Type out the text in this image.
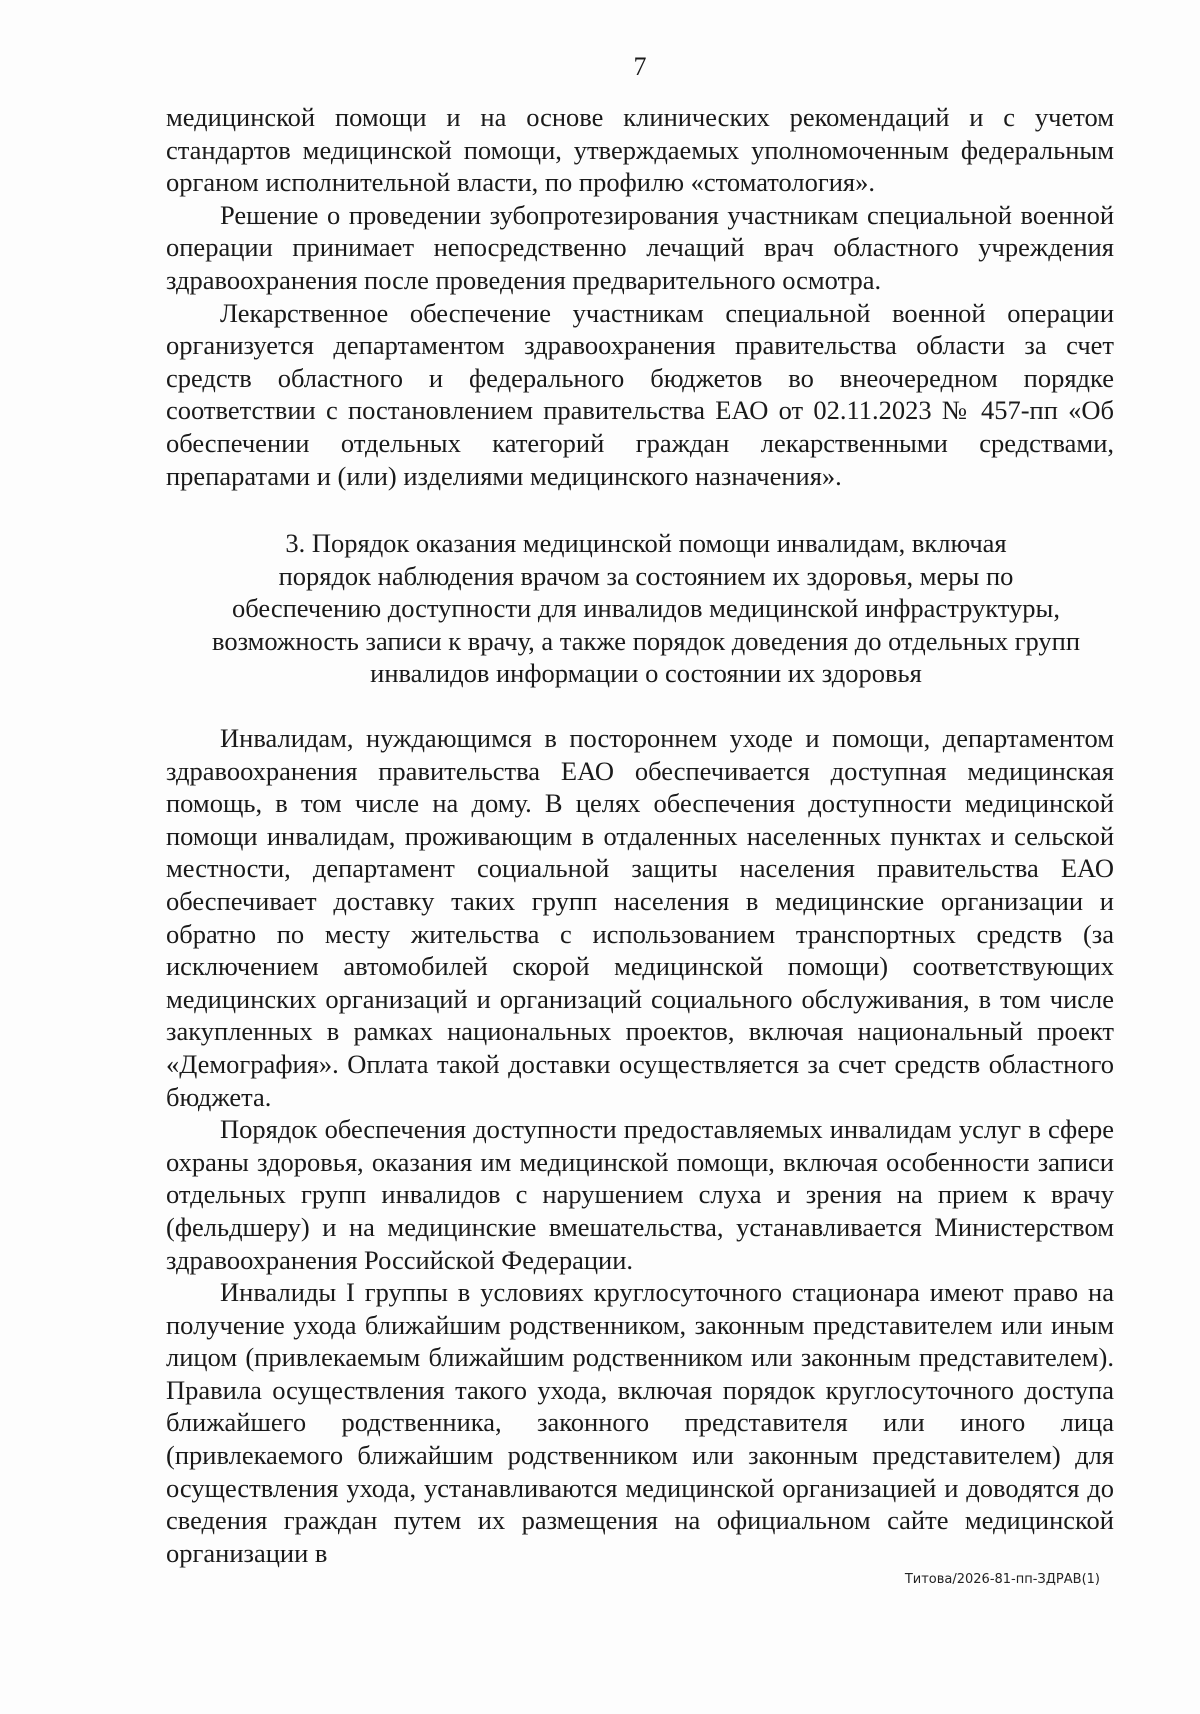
7

медицинской помощи и на основе клинических рекомендаций и с учетом стандартов медицинской помощи, утверждаемых уполномоченным федеральным органом исполнительной власти, по профилю «стоматология».

Решение о проведении зубопротезирования участникам специальной военной операции принимает непосредственно лечащий врач областного учреждения здравоохранения после проведения предварительного осмотра.

Лекарственное обеспечение участникам специальной военной операции организуется департаментом здравоохранения правительства области за счет средств областного и федерального бюджетов во внеочередном порядке соответствии с постановлением правительства ЕАО от 02.11.2023 № 457-пп «Об обеспечении отдельных категорий граждан лекарственными средствами, препаратами и (или) изделиями медицинского назначения».

3. Порядок оказания медицинской помощи инвалидам, включая

порядок наблюдения врачом за состоянием их здоровья, меры по

обеспечению доступности для инвалидов медицинской инфраструктуры,

возможность записи к врачу, а также порядок доведения до отдельных групп

инвалидов информации о состоянии их здоровья

Инвалидам, нуждающимся в постороннем уходе и помощи, департаментом здравоохранения правительства ЕАО обеспечивается доступная медицинская помощь, в том числе на дому. В целях обеспечения доступности медицинской помощи инвалидам, проживающим в отдаленных населенных пунктах и сельской местности, департамент социальной защиты населения правительства ЕАО обеспечивает доставку таких групп населения в медицинские организации и обратно по месту жительства с использованием транспортных средств (за исключением автомобилей скорой медицинской помощи) соответствующих медицинских организаций и организаций социального обслуживания, в том числе закупленных в рамках национальных проектов, включая национальный проект «Демография». Оплата такой доставки осуществляется за счет средств областного бюджета.

Порядок обеспечения доступности предоставляемых инвалидам услуг в сфере охраны здоровья, оказания им медицинской помощи, включая особенности записи отдельных групп инвалидов с нарушением слуха и зрения на прием к врачу (фельдшеру) и на медицинские вмешательства, устанавливается Министерством здравоохранения Российской Федерации.

Инвалиды I группы в условиях круглосуточного стационара имеют право на получение ухода ближайшим родственником, законным представителем или иным лицом (привлекаемым ближайшим родственником или законным представителем). Правила осуществления такого ухода, включая порядок круглосуточного доступа ближайшего родственника, законного представителя или иного лица (привлекаемого ближайшим родственником или законным представителем) для осуществления ухода, устанавливаются медицинской организацией и доводятся до сведения граждан путем их размещения на официальном сайте медицинской организации в

Титова/2026-81-пп-ЗДРАВ(1)
